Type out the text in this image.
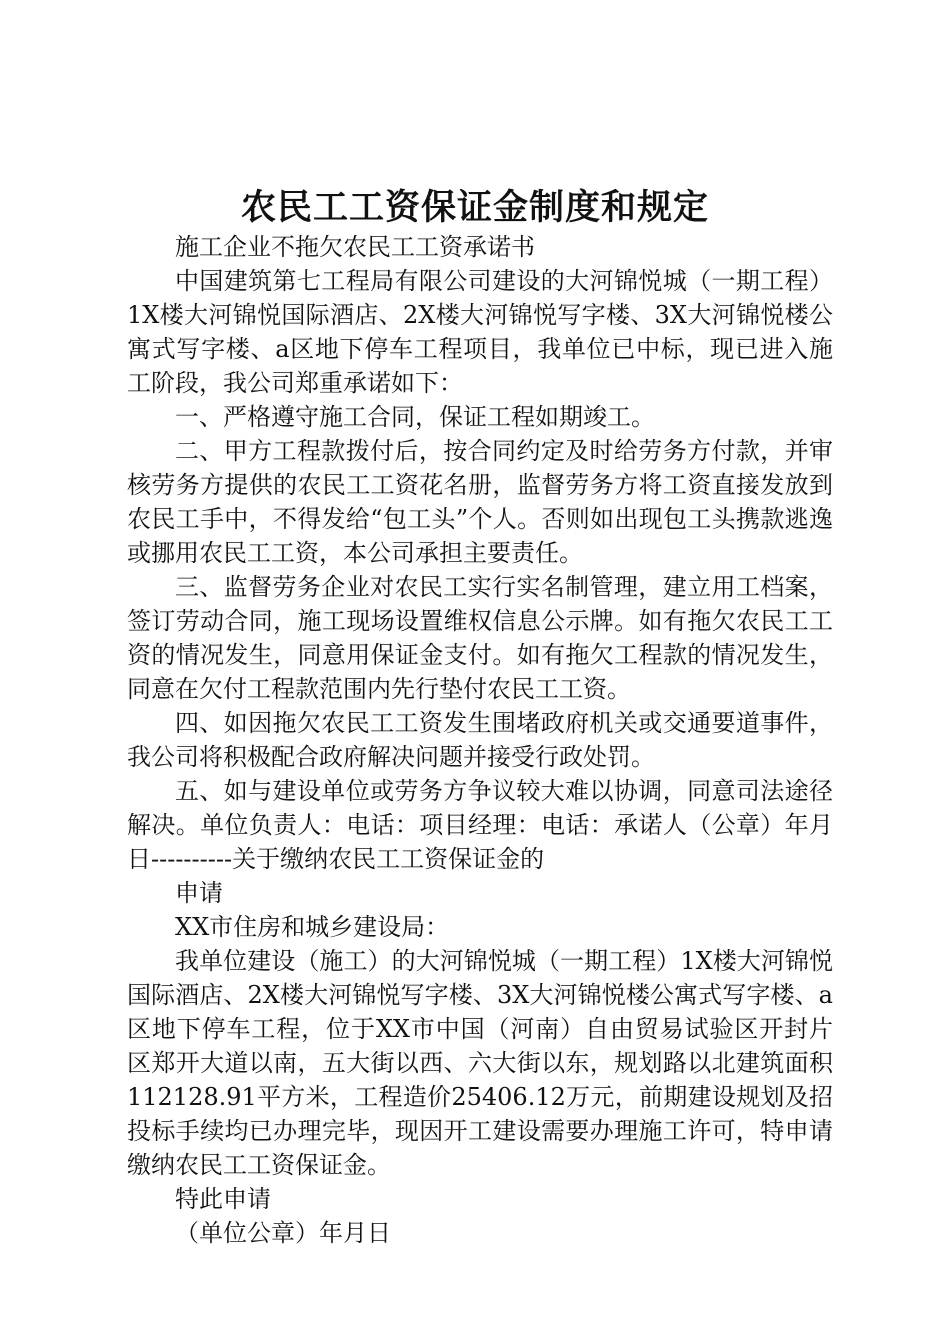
农民工工资保证金制度和规定

施工企业不拖欠农民工工资承诺书

中国建筑第七工程局有限公司建设的大河锦悦城（一期工程）1X楼大河锦悦国际酒店、2X楼大河锦悦写字楼、3X大河锦悦楼公寓式写字楼、a区地下停车工程项目，我单位已中标，现已进入施工阶段，我公司郑重承诺如下：

一、严格遵守施工合同，保证工程如期竣工。

二、甲方工程款拨付后，按合同约定及时给劳务方付款，并审核劳务方提供的农民工工资花名册，监督劳务方将工资直接发放到农民工手中，不得发给“包工头”个人。否则如出现包工头携款逃逸或挪用农民工工资，本公司承担主要责任。

三、监督劳务企业对农民工实行实名制管理，建立用工档案，签订劳动合同，施工现场设置维权信息公示牌。如有拖欠农民工工资的情况发生，同意用保证金支付。如有拖欠工程款的情况发生，同意在欠付工程款范围内先行垫付农民工工资。

四、如因拖欠农民工工资发生围堵政府机关或交通要道事件，我公司将积极配合政府解决问题并接受行政处罚。

五、如与建设单位或劳务方争议较大难以协调，同意司法途径解决。单位负责人：电话：项目经理：电话：承诺人（公章）年月日----------关于缴纳农民工工资保证金的

申请

XX市住房和城乡建设局：

我单位建设（施工）的大河锦悦城（一期工程）1X楼大河锦悦国际酒店、2X楼大河锦悦写字楼、3X大河锦悦楼公寓式写字楼、a区地下停车工程，位于XX市中国（河南）自由贸易试验区开封片区郑开大道以南，五大街以西、六大街以东，规划路以北建筑面积112128.91平方米，工程造价25406.12万元，前期建设规划及招投标手续均已办理完毕，现因开工建设需要办理施工许可，特申请缴纳农民工工资保证金。

特此申请

（单位公章）年月日
